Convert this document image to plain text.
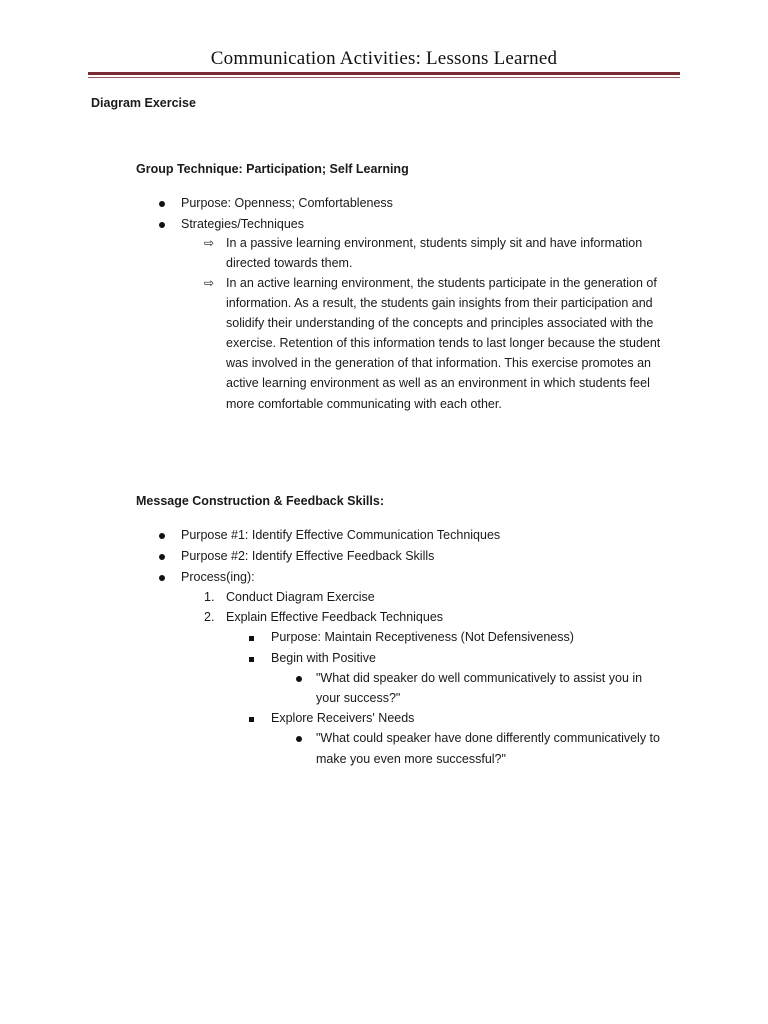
Communication Activities: Lessons Learned
Diagram Exercise
Group Technique: Participation; Self Learning
Purpose: Openness; Comfortableness
Strategies/Techniques
⇨ In a passive learning environment, students simply sit and have information
directed towards them.
⇨ In an active learning environment, the students participate in the generation of
information. As a result, the students gain insights from their participation and
solidify their understanding of the concepts and principles associated with the
exercise. Retention of this information tends to last longer because the student
was involved in the generation of that information. This exercise promotes an
active learning environment as well as an environment in which students feel
more comfortable communicating with each other.
Message Construction & Feedback Skills:
Purpose #1: Identify Effective Communication Techniques
Purpose #2: Identify Effective Feedback Skills
Process(ing):
1. Conduct Diagram Exercise
2. Explain Effective Feedback Techniques
Purpose: Maintain Receptiveness (Not Defensiveness)
Begin with Positive
"What did speaker do well communicatively to assist you in
your success?"
Explore Receivers' Needs
"What could speaker have done differently communicatively to
make you even more successful?"
